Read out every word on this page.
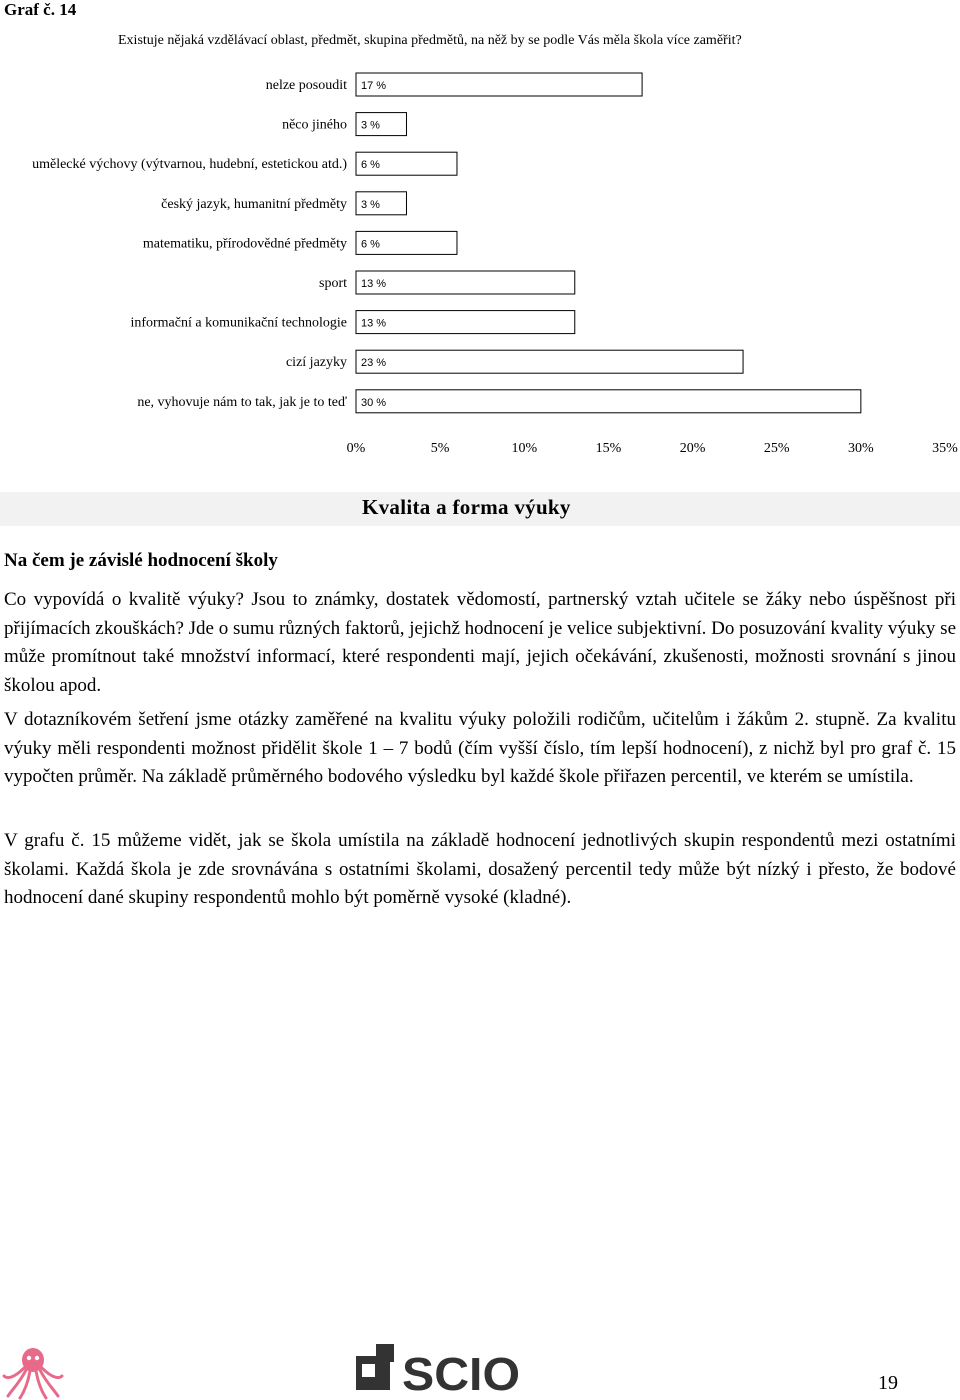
Graf č. 14
Existuje nějaká vzdělávací oblast, předmět, skupina předmětů, na něž by se podle Vás měla škola více zaměřit?
nelze posoudit
něco jiného
umělecké výchovy (výtvarnou, hudební, estetickou atd.)
český jazyk, humanitní předměty
matematiku, přírodovědné předměty
sport
informační a komunikační technologie
cizí jazyky
ne, vyhovuje nám to tak, jak je to teď
17 %
3 %
6 %
3 %
6 %
13 %
13 %
23 %
30 %
0%	5%	10%	15%	20%	25%	30%	35%
Kvalita a forma výuky
Na čem je závislé hodnocení školy
Co vypovídá o kvalitě výuky? Jsou to známky, dostatek vědomostí, partnerský vztah učitele se žáky nebo úspěšnost při přijímacích zkouškách? Jde o sumu různých faktorů, jejichž hodnocení je velice subjektivní. Do posuzování kvality výuky se může promítnout také množství informací, které respondenti mají, jejich očekávání, zkušenosti, možnosti srovnání s jinou školou apod.
V dotazníkovém šetření jsme otázky zaměřené na kvalitu výuky položili rodičům, učitelům i žákům 2. stupně. Za kvalitu výuky měli respondenti možnost přidělit škole 1 – 7 bodů (čím vyšší číslo, tím lepší hodnocení), z nichž byl pro graf č. 15 vypočten průměr. Na základě průměrného bodového výsledku byl každé škole přiřazen percentil, ve kterém se umístila.
V grafu č. 15 můžeme vidět, jak se škola umístila na základě hodnocení jednotlivých skupin respondentů mezi ostatními školami. Každá škola je zde srovnávána s ostatními školami, dosažený percentil tedy může být nízký i přesto, že bodové hodnocení dané skupiny respondentů mohlo být poměrně vysoké (kladné).
SCIO	19
